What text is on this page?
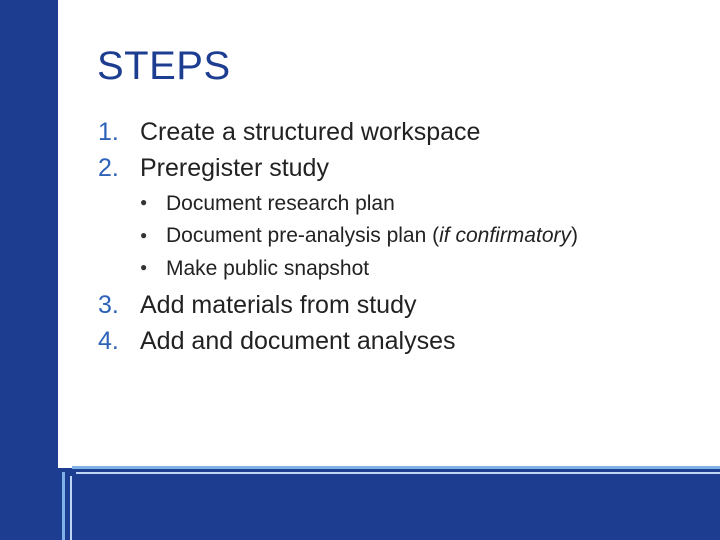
STEPS
1. Create a structured workspace
2. Preregister study
● Document research plan
● Document pre-analysis plan (if confirmatory)
● Make public snapshot
3. Add materials from study
4. Add and document analyses
